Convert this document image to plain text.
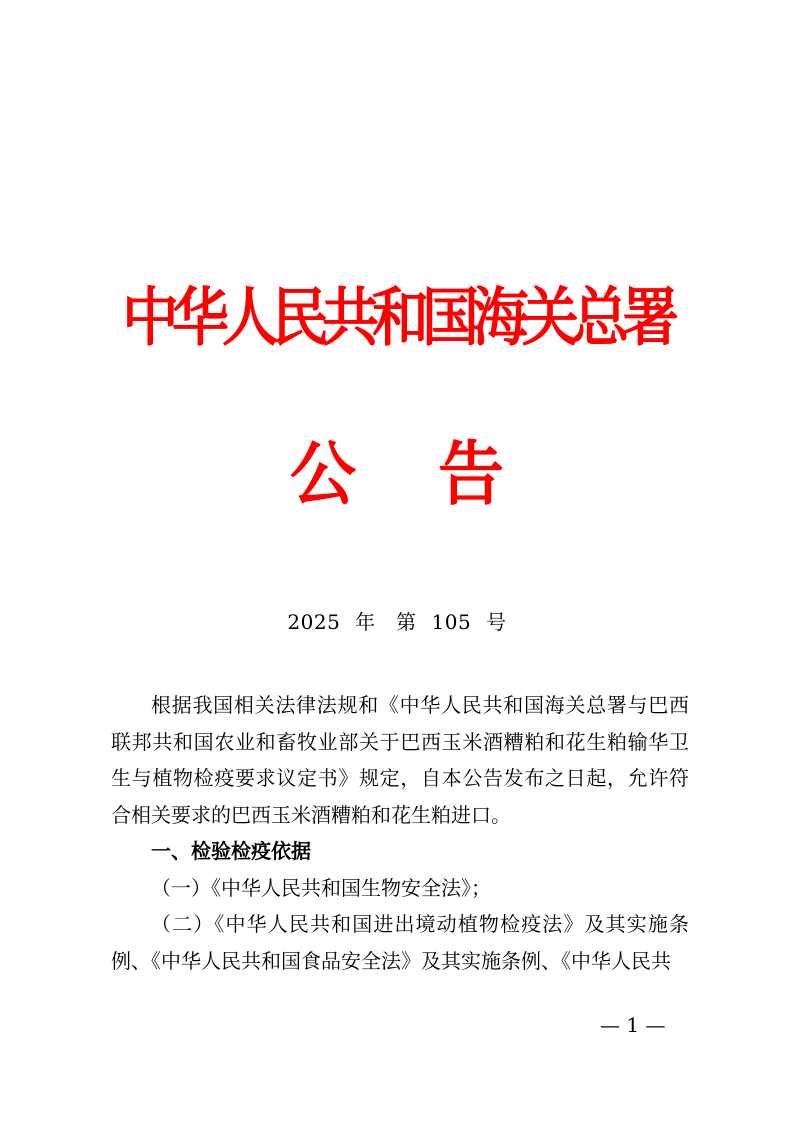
中华人民共和国海关总署
公 告
2025 年　第 105 号

根据我国相关法律法规和《中华人民共和国海关总署与巴西联邦共和国农业和畜牧业部关于巴西玉米酒糟粕和花生粕输华卫生与植物检疫要求议定书》规定，自本公告发布之日起，允许符合相关要求的巴西玉米酒糟粕和花生粕进口。

一、检验检疫依据

（一）《中华人民共和国生物安全法》；

（二）《中华人民共和国进出境动植物检疫法》及其实施条例、《中华人民共和国食品安全法》及其实施条例、《中华人民共

— 1 —
